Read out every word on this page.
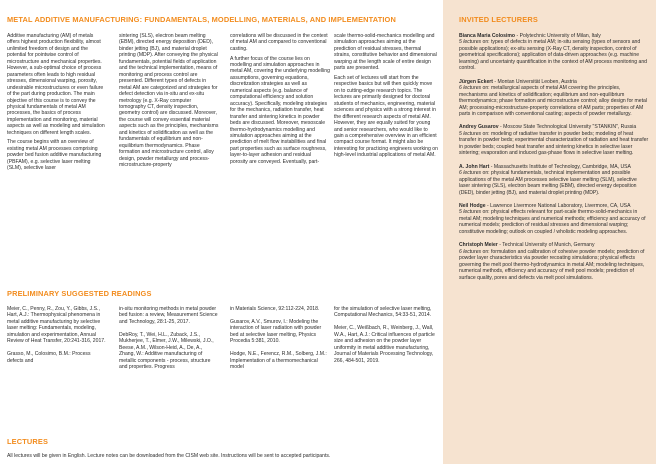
METAL ADDITIVE MANUFACTURING: FUNDAMENTALS, MODELLING, MATERIALS, AND IMPLEMENTATION

Additive manufacturing (AM) of metals offers highest production flexibility, almost unlimited freedom of design and the potential for pointwise control of microstructure and mechanical properties. However, a sub-optimal choice of process parameters often leads to high residual stresses, dimensional warping, porosity, undesirable microstructures or even failure of the part during production. The main objective of this course is to convey the physical fundamentals of metal AM processes, the basics of process implementation and monitoring, material aspects as well as modeling and simulation techniques on different length scales.

The course begins with an overview of existing metal AM processes comprising powder bed fusion additive manufacturing (PBFAM), e.g. selective laser melting (SLM), selective laser

sintering (SLS), electron beam melting (EBM), directed energy deposition (DED), binder jetting (BJ), and material droplet printing (MDP). After conveying the physical fundamentals, potential fields of application and the technical implementation, means of monitoring and process control are presented. Different types of defects in metal AM are categorized and strategies for defect detection via in-situ and ex-situ metrology (e.g. X-Ray computer tomography CT, density inspection, geometry control) are discussed. Moreover, the course will convey essential material aspects such as the principles, mechanisms and kinetics of solidification as well as the fundamentals of equilibrium and non-equilibrium thermodynamics. Phase formation and microstructure control, alloy design, powder metallurgy and process-microstructure-property

correlations will be discussed in the context of metal AM and compared to conventional casting.

A further focus of the course lies on modelling and simulation approaches in metal AM, covering the underlying modelling assumptions, governing equations, discretization strategies as well as numerical aspects (e.g. balance of computational efficiency and solution accuracy). Specifically, modeling strategies for the mechanics, radiation transfer, heat transfer and sintering kinetics in powder beds are discussed. Moreover, mesoscale thermo-hydrodynamics modelling and simulation approaches aiming at the prediction of melt flow instabilities and final part properties such as surface roughness, layer-to-layer adhesion and residual porosity are conveyed. Eventually, part-

scale thermo-solid-mechanics modelling and simulation approaches aiming at the prediction of residual stresses, thermal strains, constitutive behavior and dimensional warping at the length scale of entire design parts are presented.

Each set of lectures will start from the respective basics but will then quickly move on to cutting-edge research topics. The lectures are primarily designed for doctoral students of mechanics, engineering, material sciences and physics with a strong interest in the different research aspects of metal AM. However, they are equally suited for young and senior researchers, who would like to gain a comprehensive overview in an efficient compact course format. It might also be interesting for practicing engineers working on high-level industrial applications of metal AM.

PRELIMINARY SUGGESTED READINGS

Meier, C., Penny, R., Zou, Y., Gibbs, J.S., Hart, A.J.: Thermophysical phenomena in metal additive manufacturing by selective laser melting: Fundamentals, modeling, simulation and experimentation, Annual Review of Heat Transfer, 20:241-316, 2017.

Grasso, M., Colosimo, B.M.: Process defects and

in-situ monitoring methods in metal powder bed fusion: a review, Measurement Science and Technology, 28:1-25, 2017.

DebRoy, T., Wei, H.L., Zuback, J.S., Mukherjee, T., Elmer, J.W., Milewski, J.O., Beese, A.M., Wilson-Heid, A., De, A., Zhang, W.: Additive manufacturing of metallic components - process, structure and properties. Progress

in Materials Science, 92:112-224, 2018.

Gusarov, A.V., Smurov, I.: Modeling the interaction of laser radiation with powder bed at selective laser melting, Physics Procedia 5:381, 2010.

Hodge, N.E., Ferencz, R.M., Solberg, J.M.: Implementation of a thermomechanical model

for the simulation of selective laser melting, Computational Mechanics, 54:33-51, 2014.

Meier, C., Weißbach, R., Weinberg, J., Wall, W.A., Hart, A.J.: Critical influences of particle size and adhesion on the powder layer uniformity in metal additive manufacturing, Journal of Materials Processing Technology, 266, 484-501, 2019.

LECTURES
All lectures will be given in English. Lecture notes can be downloaded from the CISM web site. Instructions will be sent to accepted participants.
INVITED LECTURERS
Bianca Maria Colosimo - Polytechnic University of Milan, Italy
5 lectures on: types of defects in metal AM; in-situ sensing (types of sensors and possible applications); ex-situ sensing (X-Ray CT, density inspection, control of geometrical specifications); application of data-driven approaches (e.g. machine learning) and uncertainty quantification in the context of AM process monitoring and control.
Jürgen Eckert - Montan Universität Leoben, Austria
6 lectures on: metallurgical aspects of metal AM covering the principles, mechanisms and kinetics of solidification; equilibrium and non-equilibrium thermodynamics; phase formation and microstructure control; alloy design for metal AM; processing-microstructure-property correlations of AM parts; properties of AM parts in comparison with conventional casting; aspects of powder metallurgy.
Andrey Gusarov - Moscow State Technological University "STANKIN", Russia
5 lectures on: modeling of radiative transfer in powder beds; modeling of heat transfer in powder beds; experimental characterization of radiation and heat transfer in powder beds; coupled heat transfer and sintering kinetics in selective laser sintering; evaporation and induced gas-phase flows in selective laser melting.
A. John Hart - Massachusetts Institute of Technology, Cambridge, MA, USA
6 lectures on: physical fundamentals, technical implementation and possible applications of the metal AM processes selective laser melting (SLM), selective laser sintering (SLS), electron beam melting (EBM), directed energy deposition (DED), binder jetting (BJ), and material droplet printing (MDP).
Neil Hodge - Lawrence Livermore National Laboratory, Livermore, CA, USA
5 lectures on: physical effects relevant for part-scale thermo-solid-mechanics in metal AM; modeling techniques and numerical methods; efficiency and accuracy of numerical models; prediction of residual stresses and dimensional warping; constitutive modeling; outlook on coupled / wholistic modeling approaches.
Christoph Meier - Technical University of Munich, Germany
6 lectures on: formulation and calibration of cohesive powder models; prediction of powder layer characteristics via powder recoating simulations; physical effects governing the melt pool thermo-hydrodynamics in metal AM; modeling techniques, numerical methods, efficiency and accuracy of melt pool models; prediction of surface quality, pores and defects via melt pool simulations.
